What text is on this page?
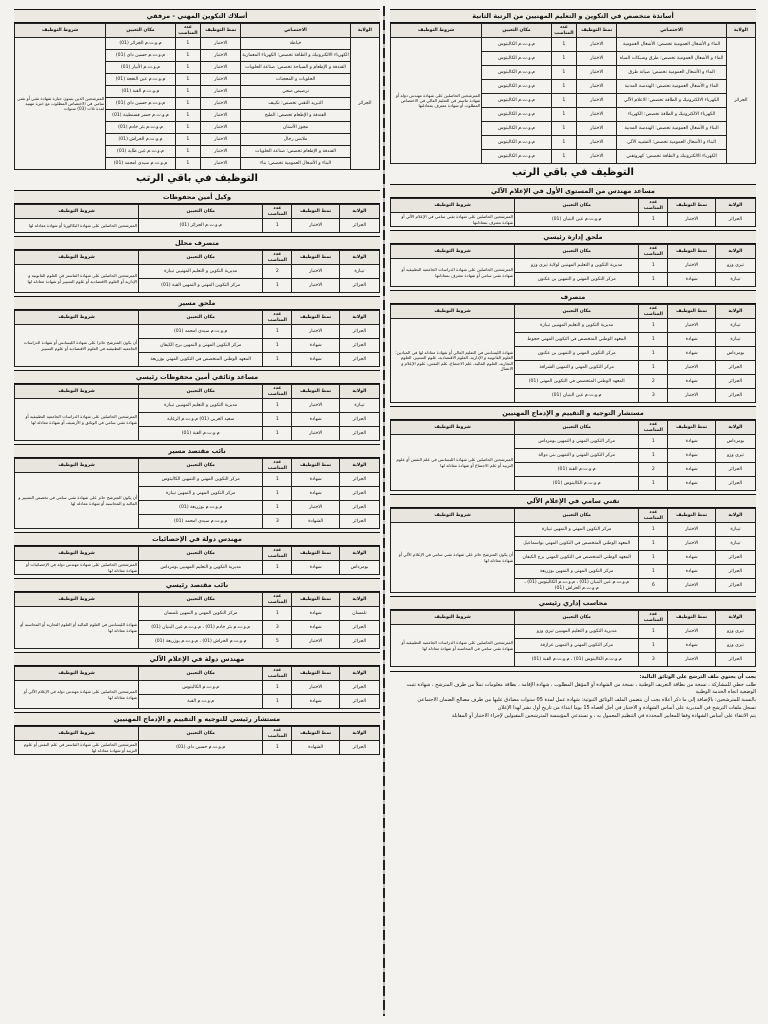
أساتذة متخصص في التكوين و التعليم المهنيين من الرتبة الثانية
الولاية	الاختصاص	نمط التوظيف	عدد المناصب	مكان التعيين	شروط التوظيف
الجزائر	الماء و الأشغال العمومية تخصص: الأشغال العمومية	الاختبار	1	م.و.ت.م الكاليتوس	المترشحين الحاصلين على شهادة مهندس دولة أو شهادة ماستر في التعليم العالي في الاختصاص المطلوب أو شهادة معترف بمعادلتها
	الماء و الأشغال العمومية تخصص: طرق وشبكات المياه	الاختبار	1	م.و.ت.م الكاليتوس	
	الماء و الأشغال العمومية تخصص: صيانة طرق	الاختبار	1	م.و.ت.م الكاليتوس	
	الماء و الأشغال العمومية تخصص: الهندسة المدنية	الاختبار	1	م.و.ت.م الكاليتوس	
	الكهرباء الالكترونيك و الطاقة تخصص: الاعلام الآلي	الاختبار	1	م.و.ت.م الكاليتوس	
	الكهرباء الالكترونيك و الطاقة تخصص: الكهرباء	الاختبار	1	م.و.ت.م الكاليتوس	
	البناء و الأشغال العمومية تخصص: الهندسة المدنية	الاختبار	1	م.و.ت.م الكاليتوس	
	البناء و الأشغال العمومية تخصص: التشييد الآلي	الاختبار	1	م.و.ت.م الكاليتوس	
	الكهرباء الالكترونيك و الطاقة تخصص: كهروتقني	الاختبار	1	م.و.ت.م الكاليتوس	
التوظيف في باقي الرتب
مساعد مهندس من المستوى الأول في الإعلام الآلي
الولاية	نمط التوظيف	عدد المناصب	مكان التعيين	شروط التوظيف
الجزائر	الاختبار	1	م.و.ت.م عين البنيان (01)	المترشحين الحاصلين على شهادة تقني سامي في الإعلام الآلي أو شهادة معترف بمعادلتها
ملحق إدارة رئيسي
الولاية	نمط التوظيف	عدد المناصب	مكان التعيين	شروط التوظيف
تيزي وزو	الاختبار	1	مديرية التكوين و التعليم المهنيين لولاية تيزي وزو	المترشحين الحاصلين على شهادة الدراسات الجامعية التطبيقية أو شهادة تقني سامي أو شهادة معترف بمعادلتها
تيبازة	شهادة	1	مركز التكوين المهني و التمهين بن عكنون	
متصرف
الولاية	نمط التوظيف	عدد المناصب	مكان التعيين	شروط التوظيف
تيبازة	الاختبار	1	مديرية التكوين و التعليم المهنيين تيبازة	شهادة الليسانس في التعليم العالي أو شهادة معادلة لها في الميادين: العلوم القانونية و الإدارية، العلوم الاقتصادية، علوم التسيير، العلوم التجارية، العلوم المالية، علم الاجتماع، علم النفس، علوم الإعلام و الاتصال
تيبازة	شهادة	1	المعهد الوطني المتخصص في التكوين المهني حجوط	
بومرداس	شهادة	1	مركز التكوين المهني و التمهين بن عكنون	
الجزائر	الاختبار	1	مركز التكوين المهني و التمهين الشراقة	
الجزائر	شهادة	2	المعهد الوطني المتخصص في التكوين المهني (01)	
الجزائر	الاختبار	3	م.و.ت.م عين البنيان (01)	
مستشار التوجيه و التقييم و الإدماج المهنيين
الولاية	نمط التوظيف	عدد المناصب	مكان التعيين	شروط التوظيف
بومرداس	شهادة	1	مركز التكوين المهني و التمهين بومرداس	المترشحين الحاصلين على شهادة الليسانس في علم النفس أو علوم التربية أو علم الاجتماع أو شهادة معادلة لها
تيزي وزو	شهادة	1	مركز التكوين المهني و التمهين بني دوالة	
الجزائر	شهادة	2	م.و.ت.م القبة (01)	
الجزائر	شهادة	1	م.و.ت.م الكاليتوس (01)	
تقني سامي في الإعلام الآلي
الولاية	نمط التوظيف	عدد المناصب	مكان التعيين	شروط التوظيف
تيبازة	الاختبار	1	مركز التكوين المهني و التمهين تيبازة	أن يكون المترشح حائز على شهادة تقني سامي في الإعلام الآلي أو شهادة معادلة لها
تيبازة	الاختبار	1	المعهد الوطني المتخصص في التكوين المهني بواسماعيل	
الجزائر	شهادة	1	المعهد الوطني المتخصص في التكوين المهني برج الكيفان	
الجزائر	شهادة	1	مركز التكوين المهني و التمهين بوزريعة	
الجزائر	الاختبار	6	م.و.ت.م عين البنيان (01) ، م.و.ت.م الكاليتوس (01) ، م.و.ت.م الحراش (01)	
محاسب إداري رئيسي
الولاية	نمط التوظيف	عدد المناصب	مكان التعيين	شروط التوظيف
تيزي وزو	الاختبار	1	مديرية التكوين و التعليم المهنيين تيزي وزو	المترشحين الحاصلين على شهادة الدراسات الجامعية التطبيقية أو شهادة تقني سامي في المحاسبة أو شهادة معادلة لها
تيزي وزو	شهادة	1	مركز التكوين المهني و التمهين عزازقة	
الجزائر	الاختبار	3	م.و.ت.م الكاليتوس (01) ، م.و.ت.م القبة (01)	

يجب أن يحتوي ملف الترشح على الوثائق التالية:

طلب خطي للمشاركة ، نسخة من بطاقة التعريف الوطنية ، نسخة من الشهادة أو المؤهل المطلوب ، شهادة الإقامة ، بطاقة معلومات تملأ من طرف المترشح ، شهادة تثبت الوضعية اتجاه الخدمة الوطنية

بالنسبة للمترشحين: بالإضافة إلى ما ذكر أعلاه يجب أن يتضمن الملف الوثائق الثبوتية: شهادة عمل لمدة 05 سنوات مصادق عليها من طرف مصالح الضمان الاجتماعي

تسجل ملفات الترشح في المديرية على أساس الشهادة و الاختبار في أجل أقصاه 15 يوما ابتداء من تاريخ أول نشر لهذا الإعلان

يتم الانتقاء على أساس الشهادة وفقا للمعايير المحددة في التنظيم المعمول به ، و تستدعي المؤسسة المترشحين المقبولين لإجراء الاختبار أو المقابلة

أسلاك التكوين المهني - مرفقي
الولاية	الاختصاص	نمط التوظيف	عدد المناصب	مكان التعيين	شروط التوظيف
الجزائر	خياطة	الاختبار	1	م.و.ت.م الجزائر (01)	المترشحين الذين يثبتون حيازة شهادة تقني أو تقني سامي في الاختصاص المطلوب مع خبرة مهنية لمدة ثلاث (03) سنوات
	الكهرباء الالكترونيك و الطاقة تخصص: الكهرباء المعمارية	الاختبار	1	م.و.ت.م حسين داي (01)	
	الفندقة و الإطعام و السياحة تخصص: صناعة الحلويات	الاختبار	1	م.و.ت.م الأبيار (01)	
	الحلويات و المعجنات	الاختبار	1	م.و.ت.م عين النعجة (01)	
	ترصيص صحي	الاختبار	1	م.و.ت.م القبة (01)	
	التبريد التقني تخصص: تكييف	الاختبار	1	م.و.ت.م حسين داي (01)	
	الفندقة و الإطعام تخصص: الطبخ	الاختبار	1	م.و.ت.م جسر قسنطينة (01)	
	مجوز الأسنان	الاختبار	1	م.و.ت.م بئر خادم (01)	
	ملابس رجال	الاختبار	1	م.و.ت.م الحراش (01)	
	الفندقة و الإطعام تخصص: صناعة الحلويات	الاختبار	1	م.و.ت.م عين طاية (01)	
	البناء و الأشغال العمومية تخصص: بناء	الاختبار	1	م.و.ت.م سيدي امحمد (01)	
التوظيف في باقي الرتب
وكيل أمين محفوظات
الولاية	نمط التوظيف	عدد المناصب	مكان التعيين	شروط التوظيف
الجزائر	الاختبار	1	م.و.ت.م الجزائر (01)	المترشحين الحاصلين على شهادة البكالوريا أو شهادة معادلة لها
متصرف محلل
الولاية	نمط التوظيف	عدد المناصب	مكان التعيين	شروط التوظيف
تيبازة	الاختبار	2	مديرية التكوين و التعليم المهنيين تيبازة	المترشحين الحاصلين على شهادة الماستر في العلوم القانونية و الإدارية أو العلوم الاقتصادية أو علوم التسيير أو شهادة معادلة لها
الجزائر	الاختبار	1	مركز التكوين المهني و التمهين القبة (01)	
ملحق مسير
الولاية	نمط التوظيف	عدد المناصب	مكان التعيين	شروط التوظيف
الجزائر	الاختبار	1	م.و.ت.م سيدي امحمد (01)	أن يكون المترشح حائزا على شهادة الليسانس أو شهادة الدراسات الجامعية التطبيقية في العلوم الاقتصادية أو علوم التسيير
الجزائر	شهادة	1	مركز التكوين المهني و التمهين برج الكيفان	
الجزائر	شهادة	1	المعهد الوطني المتخصص في التكوين المهني بوزريعة	
مساعد وثائقي أمين محفوظات رئيسي
الولاية	نمط التوظيف	عدد المناصب	مكان التعيين	شروط التوظيف
تيبازة	الاختبار	1	مديرية التكوين و التعليم المهنيين تيبازة	المترشحين الحاصلين على شهادة الدراسات الجامعية التطبيقية أو شهادة تقني سامي في الوثائق و الأرشيف أو شهادة معادلة لها
الجزائر	شهادة	1	سعيد الغربي (01) م.و.ت.م الرغاية	
الجزائر	الاختبار	1	م.و.ت.م القبة (01)	
نائب مقتصد مسير
الولاية	نمط التوظيف	عدد المناصب	مكان التعيين	شروط التوظيف
الجزائر	شهادة	1	مركز التكوين المهني و التمهين الكاليتوس	أن يكون المترشح حائز على شهادة تقني سامي في تخصص التسيير و المالية و المحاسبة أو شهادة معادلة لها
الجزائر	شهادة	1	مركز التكوين المهني و التمهين تيبازة	
الجزائر	الاختبار	1	م.و.ت.م بوزريعة (01)	
الجزائر	الشهادة	3	م.و.ت.م سيدي امحمد (01)	
مهندس دولة في الإحصائيات
الولاية	نمط التوظيف	عدد المناصب	مكان التعيين	شروط التوظيف
بومرداس	شهادة	1	مديرية التكوين و التعليم المهنيين بومرداس	المترشحين الحاصلين على شهادة مهندس دولة في الإحصائيات أو شهادة معادلة لها
نائب مقتصد رئيسي
الولاية	نمط التوظيف	عدد المناصب	مكان التعيين	شروط التوظيف
تلمسان	شهادة	1	مركز التكوين المهني و التمهين تلمسان	شهادة الليسانس في العلوم المالية أو العلوم التجارية أو المحاسبة أو شهادة معادلة لها
الجزائر	شهادة	3	م.و.ت.م بئر خادم (01) ، م.و.ت.م عين البنيان (01)	
الجزائر	الاختبار	5	م.و.ت.م الحراش (01) ، م.و.ت.م بوزريعة (01)	
مهندس دولة في الإعلام الآلي
الولاية	نمط التوظيف	عدد المناصب	مكان التعيين	شروط التوظيف
الجزائر	الاختبار	1	م.و.ت.م الكاليتوس	المترشحين الحاصلين على شهادة مهندس دولة في الإعلام الآلي أو شهادة معادلة لها
الجزائر	شهادة	1	م.و.ت.م القبة	
مستشار رئيسي للتوجيه و التقييم و الإدماج المهنيين
الولاية	نمط التوظيف	عدد المناصب	مكان التعيين	شروط التوظيف
الجزائر	الشهادة	1	م.و.ت.م حسين داي (01)	المترشحين الحاصلين على شهادة الماستر في علم النفس أو علوم التربية أو شهادة معادلة لها
